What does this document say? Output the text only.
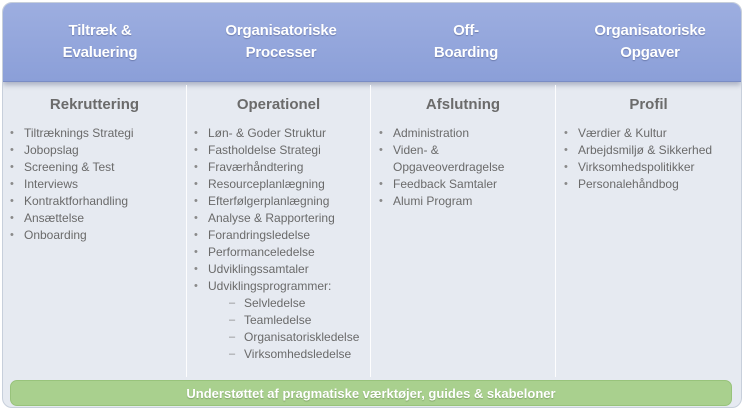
Tiltræk &
Evaluering
Organisatoriske
Processer
Off-
Boarding
Organisatoriske
Opgaver
Rekruttering
• Tiltræknings Strategi
• Jobopslag
• Screening & Test
• Interviews
• Kontraktforhandling
• Ansættelse
• Onboarding
Operationel
• Løn- & Goder Struktur
• Fastholdelse Strategi
• Fraværhåndtering
• Resourceplanlægning
• Efterfølgerplanlægning
• Analyse & Rapportering
• Forandringsledelse
• Performanceledelse
• Udviklingssamtaler
• Udviklingsprogrammer:
– Selvledelse
– Teamledelse
– Organisatoriskledelse
– Virksomhedsledelse
Afslutning
• Administration
• Viden- &
Opgaveoverdragelse
• Feedback Samtaler
• Alumi Program
Profil
• Værdier & Kultur
• Arbejdsmiljø & Sikkerhed
• Virksomhedspolitikker
• Personalehåndbog
Understøttet af pragmatiske værktøjer, guides & skabeloner
